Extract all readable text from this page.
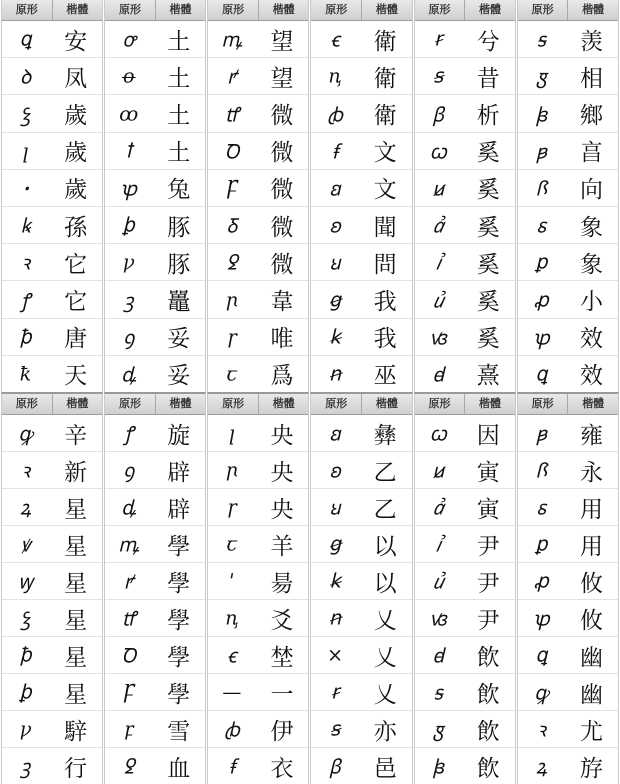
原形	楷體
ꝗ	安
ꝺ	凤
ꝣ	歲
ꞁ	歲
ꞏ	歲
ꝃ	孫
ꝛ	它
ꝭ	它
ꝥ	唐
ꝁ	天
原形	楷體
ꝍ	土
ꝋ	土
ꝏ	土
ꝉ	土
ꝕ	兔
ꝧ	豚
ꝩ	豚
ꝫ	鼉
ꝯ	妥
ꝱ	妥
原形	楷體
ꝳ	望
ꝵ	望
ꝷ	微
Ꝺ	微
Ꝼ	微
Ᵹ	微
ꝿ	微
ꞃ	韋
ꞅ	唯
ꞇ	爲
原形	楷體
ꞓ	衛
ꞑ	衛
ꞗ	衛
ꞙ	文
ꞛ	文
ꞝ	聞
ꞟ	問
ꞡ	我
ꞣ	我
ꞥ	巫
原形	楷體
ꞧ	兮
ꞩ	昔
ꞵ	析
ꞷ	奚
ꞹ	奚
ꞻ	奚
ꞽ	奚
ꞿ	奚
ꟃ	奚
ꟈ	熹
原形	楷體
ꟊ	羡
ꟑ	相
ꟓ	鄉
ꟕ	亯
ꟗ	向
ꟙ	象
ꝑ	象
ꝓ	小
ꝕ	效
ꝗ	效
原形	楷體
ꝙ	辛
ꝛ	新
ꝝ	星
ꝟ	星
ꝡ	星
ꝣ	星
ꝥ	星
ꝧ	星
ꝩ	騂
ꝫ	行
原形	楷體
ꝭ	旋
ꝯ	辟
ꝱ	辟
ꝳ	學
ꝵ	學
ꝷ	學
Ꝺ	學
Ꝼ	學
ꝼ	雪
ꝿ	血
原形	楷體
ꞁ	央
ꞃ	央
ꞅ	央
ꞇ	羊
ꞌ	昜
ꞑ	爻
ꞓ	埜
—	一
ꞗ	伊
ꞙ	衣
原形	楷體
ꞛ	彝
ꞝ	乙
ꞟ	乙
ꞡ	以
ꞣ	以
ꞥ	乂
×	乂
ꞧ	乂
ꞩ	亦
ꞵ	邑
原形	楷體
ꞷ	因
ꞹ	寅
ꞻ	寅
ꞽ	尹
ꞿ	尹
ꟃ	尹
ꟈ	飲
ꟊ	飲
ꟑ	飲
ꟓ	飲
原形	楷體
ꟕ	雍
ꟗ	永
ꟙ	用
ꝑ	用
ꝓ	攸
ꝕ	攸
ꝗ	幽
ꝙ	幽
ꝛ	尤
ꝝ	斿
